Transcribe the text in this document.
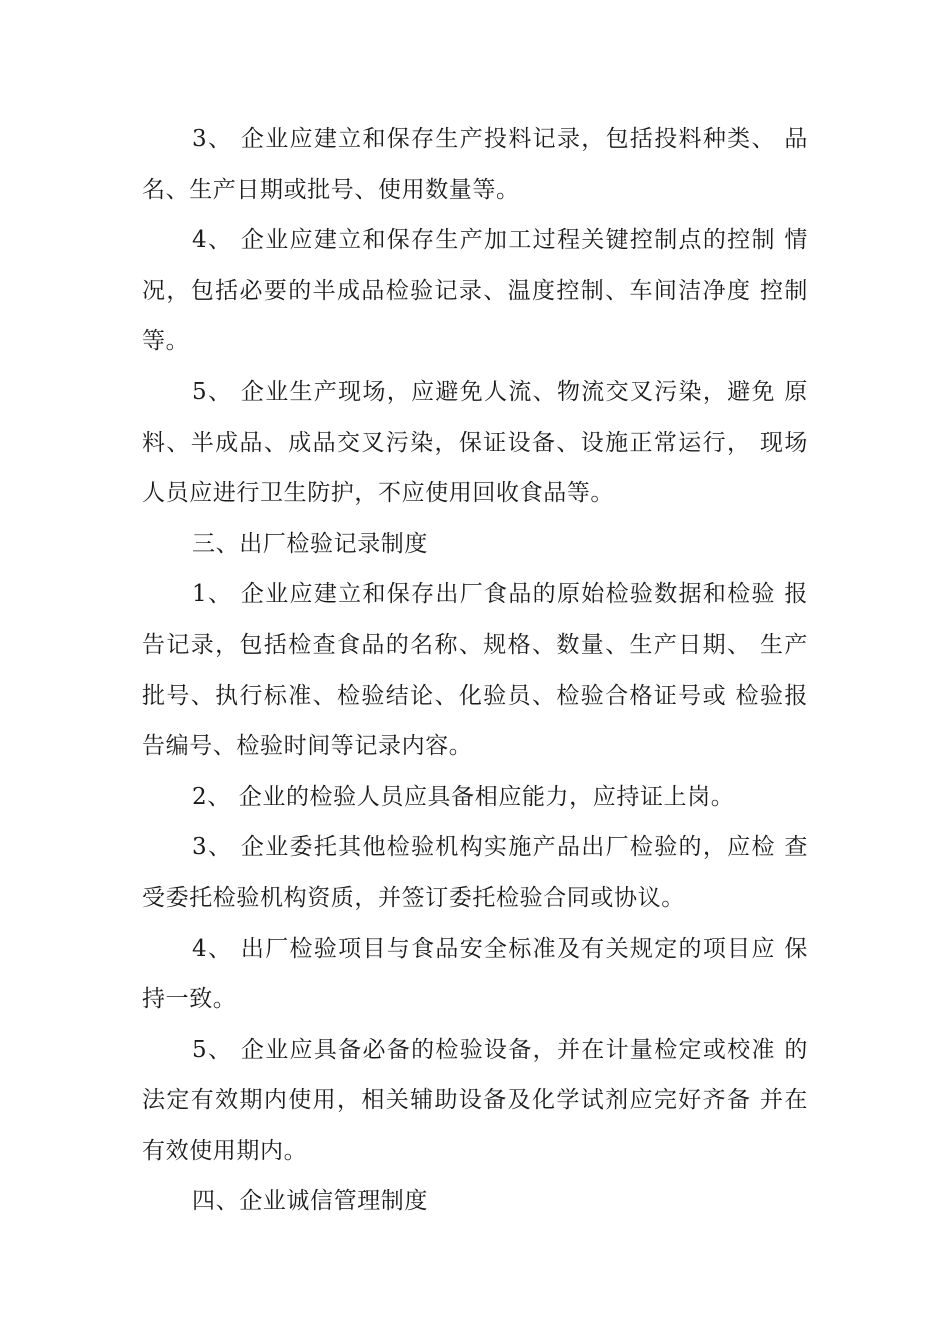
3、 企业应建立和保存生产投料记录，包括投料种类、 品名、生产日期或批号、使用数量等。

4、 企业应建立和保存生产加工过程关键控制点的控制 情况，包括必要的半成品检验记录、温度控制、车间洁净度 控制等。

5、 企业生产现场，应避免人流、物流交叉污染，避免 原料、半成品、成品交叉污染，保证设备、设施正常运行， 现场人员应进行卫生防护，不应使用回收食品等。

三、出厂检验记录制度

1、 企业应建立和保存出厂食品的原始检验数据和检验 报告记录，包括检查食品的名称、规格、数量、生产日期、 生产批号、执行标准、检验结论、化验员、检验合格证号或 检验报告编号、检验时间等记录内容。

2、 企业的检验人员应具备相应能力，应持证上岗。

3、 企业委托其他检验机构实施产品出厂检验的，应检 查受委托检验机构资质，并签订委托检验合同或协议。

4、 出厂检验项目与食品安全标准及有关规定的项目应 保持一致。

5、 企业应具备必备的检验设备，并在计量检定或校准 的法定有效期内使用，相关辅助设备及化学试剂应完好齐备 并在有效使用期内。

四、企业诚信管理制度
